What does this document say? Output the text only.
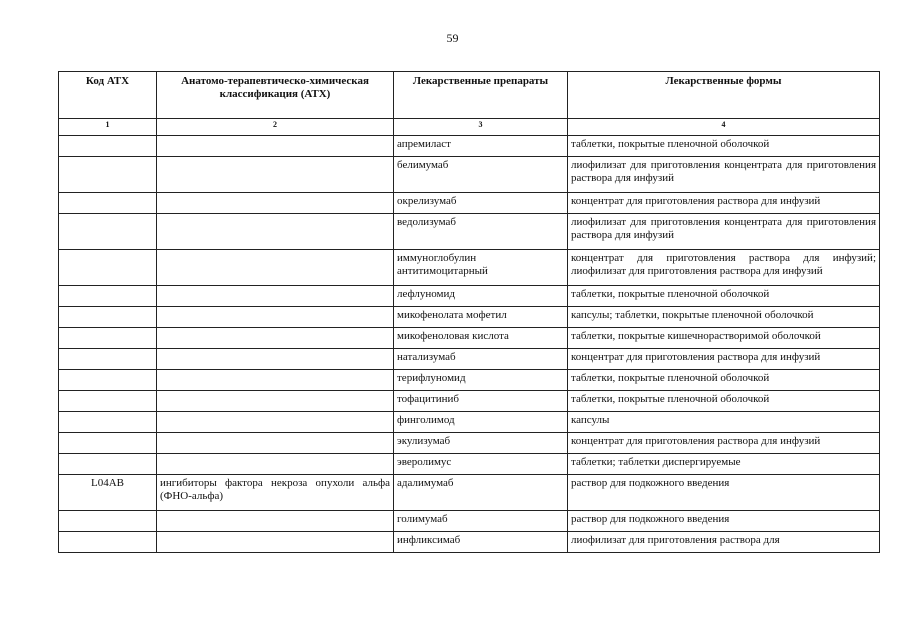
59
Код АТХ	Анатомо-терапевтическо-химическая классификация (АТХ)	Лекарственные препараты	Лекарственные формы
1	2	3	4
		апремиласт	таблетки, покрытые пленочной оболочкой
		белимумаб	лиофилизат для приготовления концентрата для приготовления раствора для инфузий
		окрелизумаб	концентрат для приготовления раствора для инфузий
		ведолизумаб	лиофилизат для приготовления концентрата для приготовления раствора для инфузий
		иммуноглобулин антитимоцитарный	концентрат для приготовления раствора для инфузий; лиофилизат для приготовления раствора для инфузий
		лефлуномид	таблетки, покрытые пленочной оболочкой
		микофенолата мофетил	капсулы; таблетки, покрытые пленочной оболочкой
		микофеноловая кислота	таблетки, покрытые кишечнорастворимой оболочкой
		натализумаб	концентрат для приготовления раствора для инфузий
		терифлуномид	таблетки, покрытые пленочной оболочкой
		тофацитиниб	таблетки, покрытые пленочной оболочкой
		финголимод	капсулы
		экулизумаб	концентрат для приготовления раствора для инфузий
		эверолимус	таблетки; таблетки диспергируемые
L04AB	ингибиторы фактора некроза опухоли альфа (ФНО-альфа)	адалимумаб	раствор для подкожного введения
		голимумаб	раствор для подкожного введения
		инфликсимаб	лиофилизат для приготовления раствора для
